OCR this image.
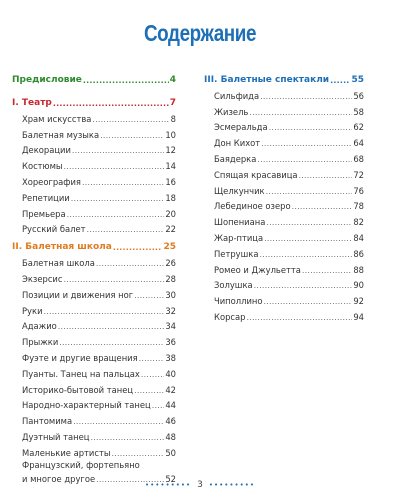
Содержание
Предисловие .....	4
I. Театр .....	7
Храм искусства .....	8
Балетная музыка .....	10
Декорации .....	12
Костюмы .....	14
Хореография .....	16
Репетиции .....	18
Премьера .....	20
Русский балет .....	22
II. Балетная школа .....	25
Балетная школа .....	26
Экзерсис .....	28
Позиции и движения ног .....	30
Руки .....	32
Адажио .....	34
Прыжки .....	36
Фуэте и другие вращения .....	38
Пуанты. Танец на пальцах .....	40
Историко-бытовой танец .....	42
Народно-характерный танец ..... 44
Пантомима .....	46
Дуэтный танец .....	48
Маленькие артисты .....	50
Французский, фортепьяно
и многое другое .....	52
III. Балетные спектакли ..... 55
Сильфида .....	56
Жизель .....	58
Эсмеральда .....	62
Дон Кихот .....	64
Баядерка .....	68
Спящая красавица .....	72
Щелкунчик .....	76
Лебединое озеро .....	78
Шопениана .....	82
Жар-птица .....	84
Петрушка .....	86
Ромео и Джульетта .....	88
Золушка .....	90
Чиполлино .....	92
Корсар .....	94
••••••••• 3 •••••••••
